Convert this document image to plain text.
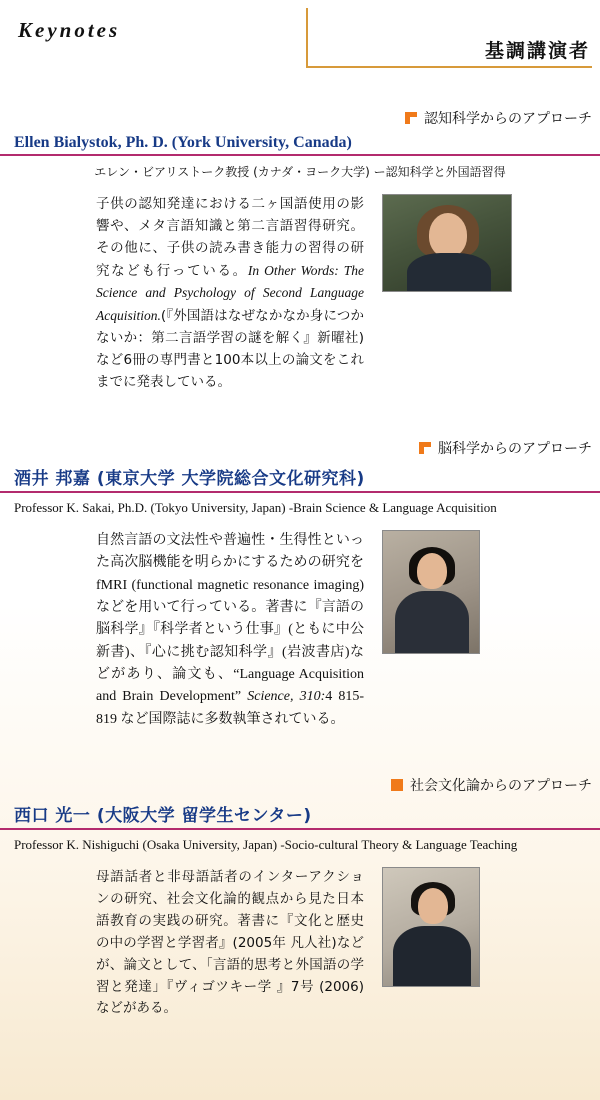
Keynotes
基調講演者
認知科学からのアプローチ
Ellen Bialystok, Ph. D. (York University, Canada)
エレン・ビアリストーク教授 (カナダ・ヨーク大学) ー認知科学と外国語習得
子供の認知発達における二ヶ国語使用の影響や、メタ言語知識と第二言語習得研究。その他に、子供の読み書き能力の習得の研究なども行っている。In Other Words: The Science and Psychology of Second Language Acquisition.(『外国語はなぜなかなか身につかないか：第二言語学習の謎を解く』新曜社) など6冊の専門書と100本以上の論文をこれまでに発表している。
脳科学からのアプローチ
酒井 邦嘉 (東京大学 大学院総合文化研究科)
Professor K. Sakai, Ph.D. (Tokyo University, Japan) -Brain Science & Language Acquisition
自然言語の文法性や普遍性・生得性といった高次脳機能を明らかにするための研究をfMRI (functional magnetic resonance imaging)などを用いて行っている。著書に『言語の脳科学』『科学者という仕事』(ともに中公新書)、『心に挑む認知科学』(岩波書店)などがあり、論文も、“Language Acquisition and Brain Development” Science, 310:4 815-819 など国際誌に多数執筆されている。
社会文化論からのアプローチ
西口 光一 (大阪大学 留学生センター)
Professor K. Nishiguchi (Osaka University, Japan) -Socio-cultural Theory & Language Teaching
母語話者と非母語話者のインターアクションの研究、社会文化論的観点から見た日本語教育の実践の研究。著書に『文化と歴史の中の学習と学習者』(2005年 凡人社)などが、論文として、「言語的思考と外国語の学習と発達」『ヴィゴツキー学 』7号 (2006) などがある。
